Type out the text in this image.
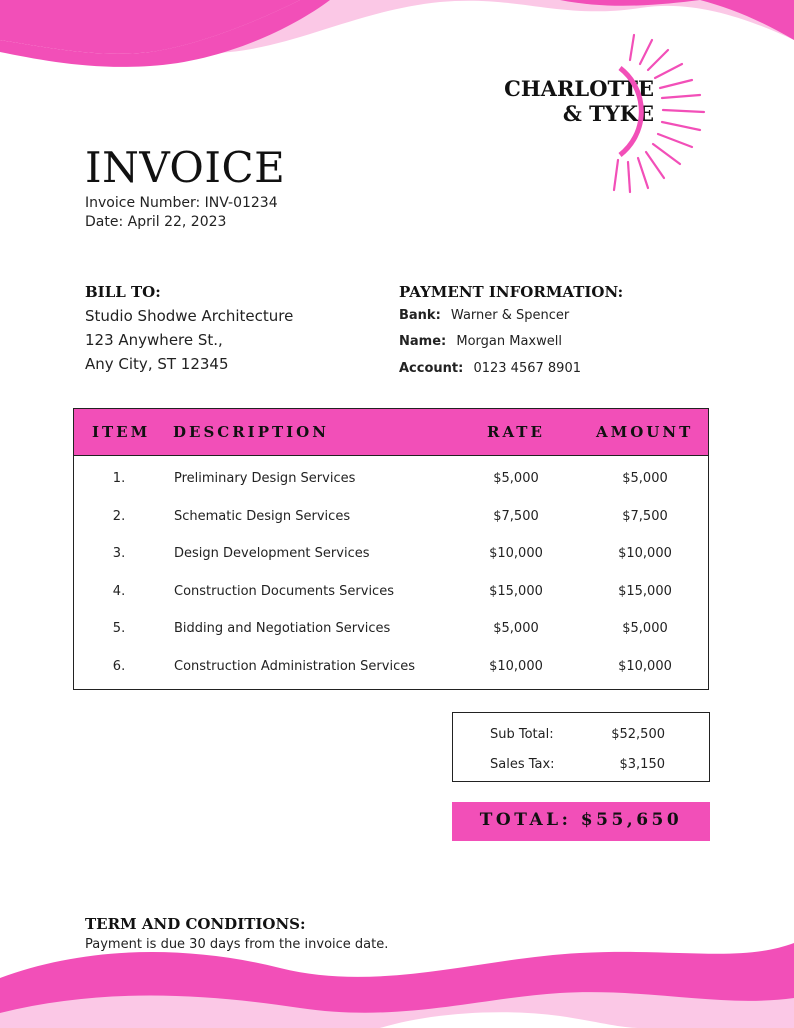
CHARLOTTE
& TYKE
INVOICE
Invoice Number: INV-01234
Date: April 22, 2023
BILL TO:
Studio Shodwe Architecture
123 Anywhere St.,
Any City, ST 12345
PAYMENT INFORMATION:
Bank: Warner & Spencer
Name: Morgan Maxwell
Account: 0123 4567 8901
ITEM DESCRIPTION	RATE	AMOUNT
1.	Preliminary Design Services	$5,000	$5,000
2.	Schematic Design Services	$7,500	$7,500
3.	Design Development Services	$10,000	$10,000
4.	Construction Documents Services	$15,000	$15,000
5.	Bidding and Negotiation Services	$5,000	$5,000
6.	Construction Administration Services	$10,000	$10,000
Sub Total:	$52,500
Sales Tax:	$3,150
TOTAL: $55,650
TERM AND CONDITIONS:
Payment is due 30 days from the invoice date.
